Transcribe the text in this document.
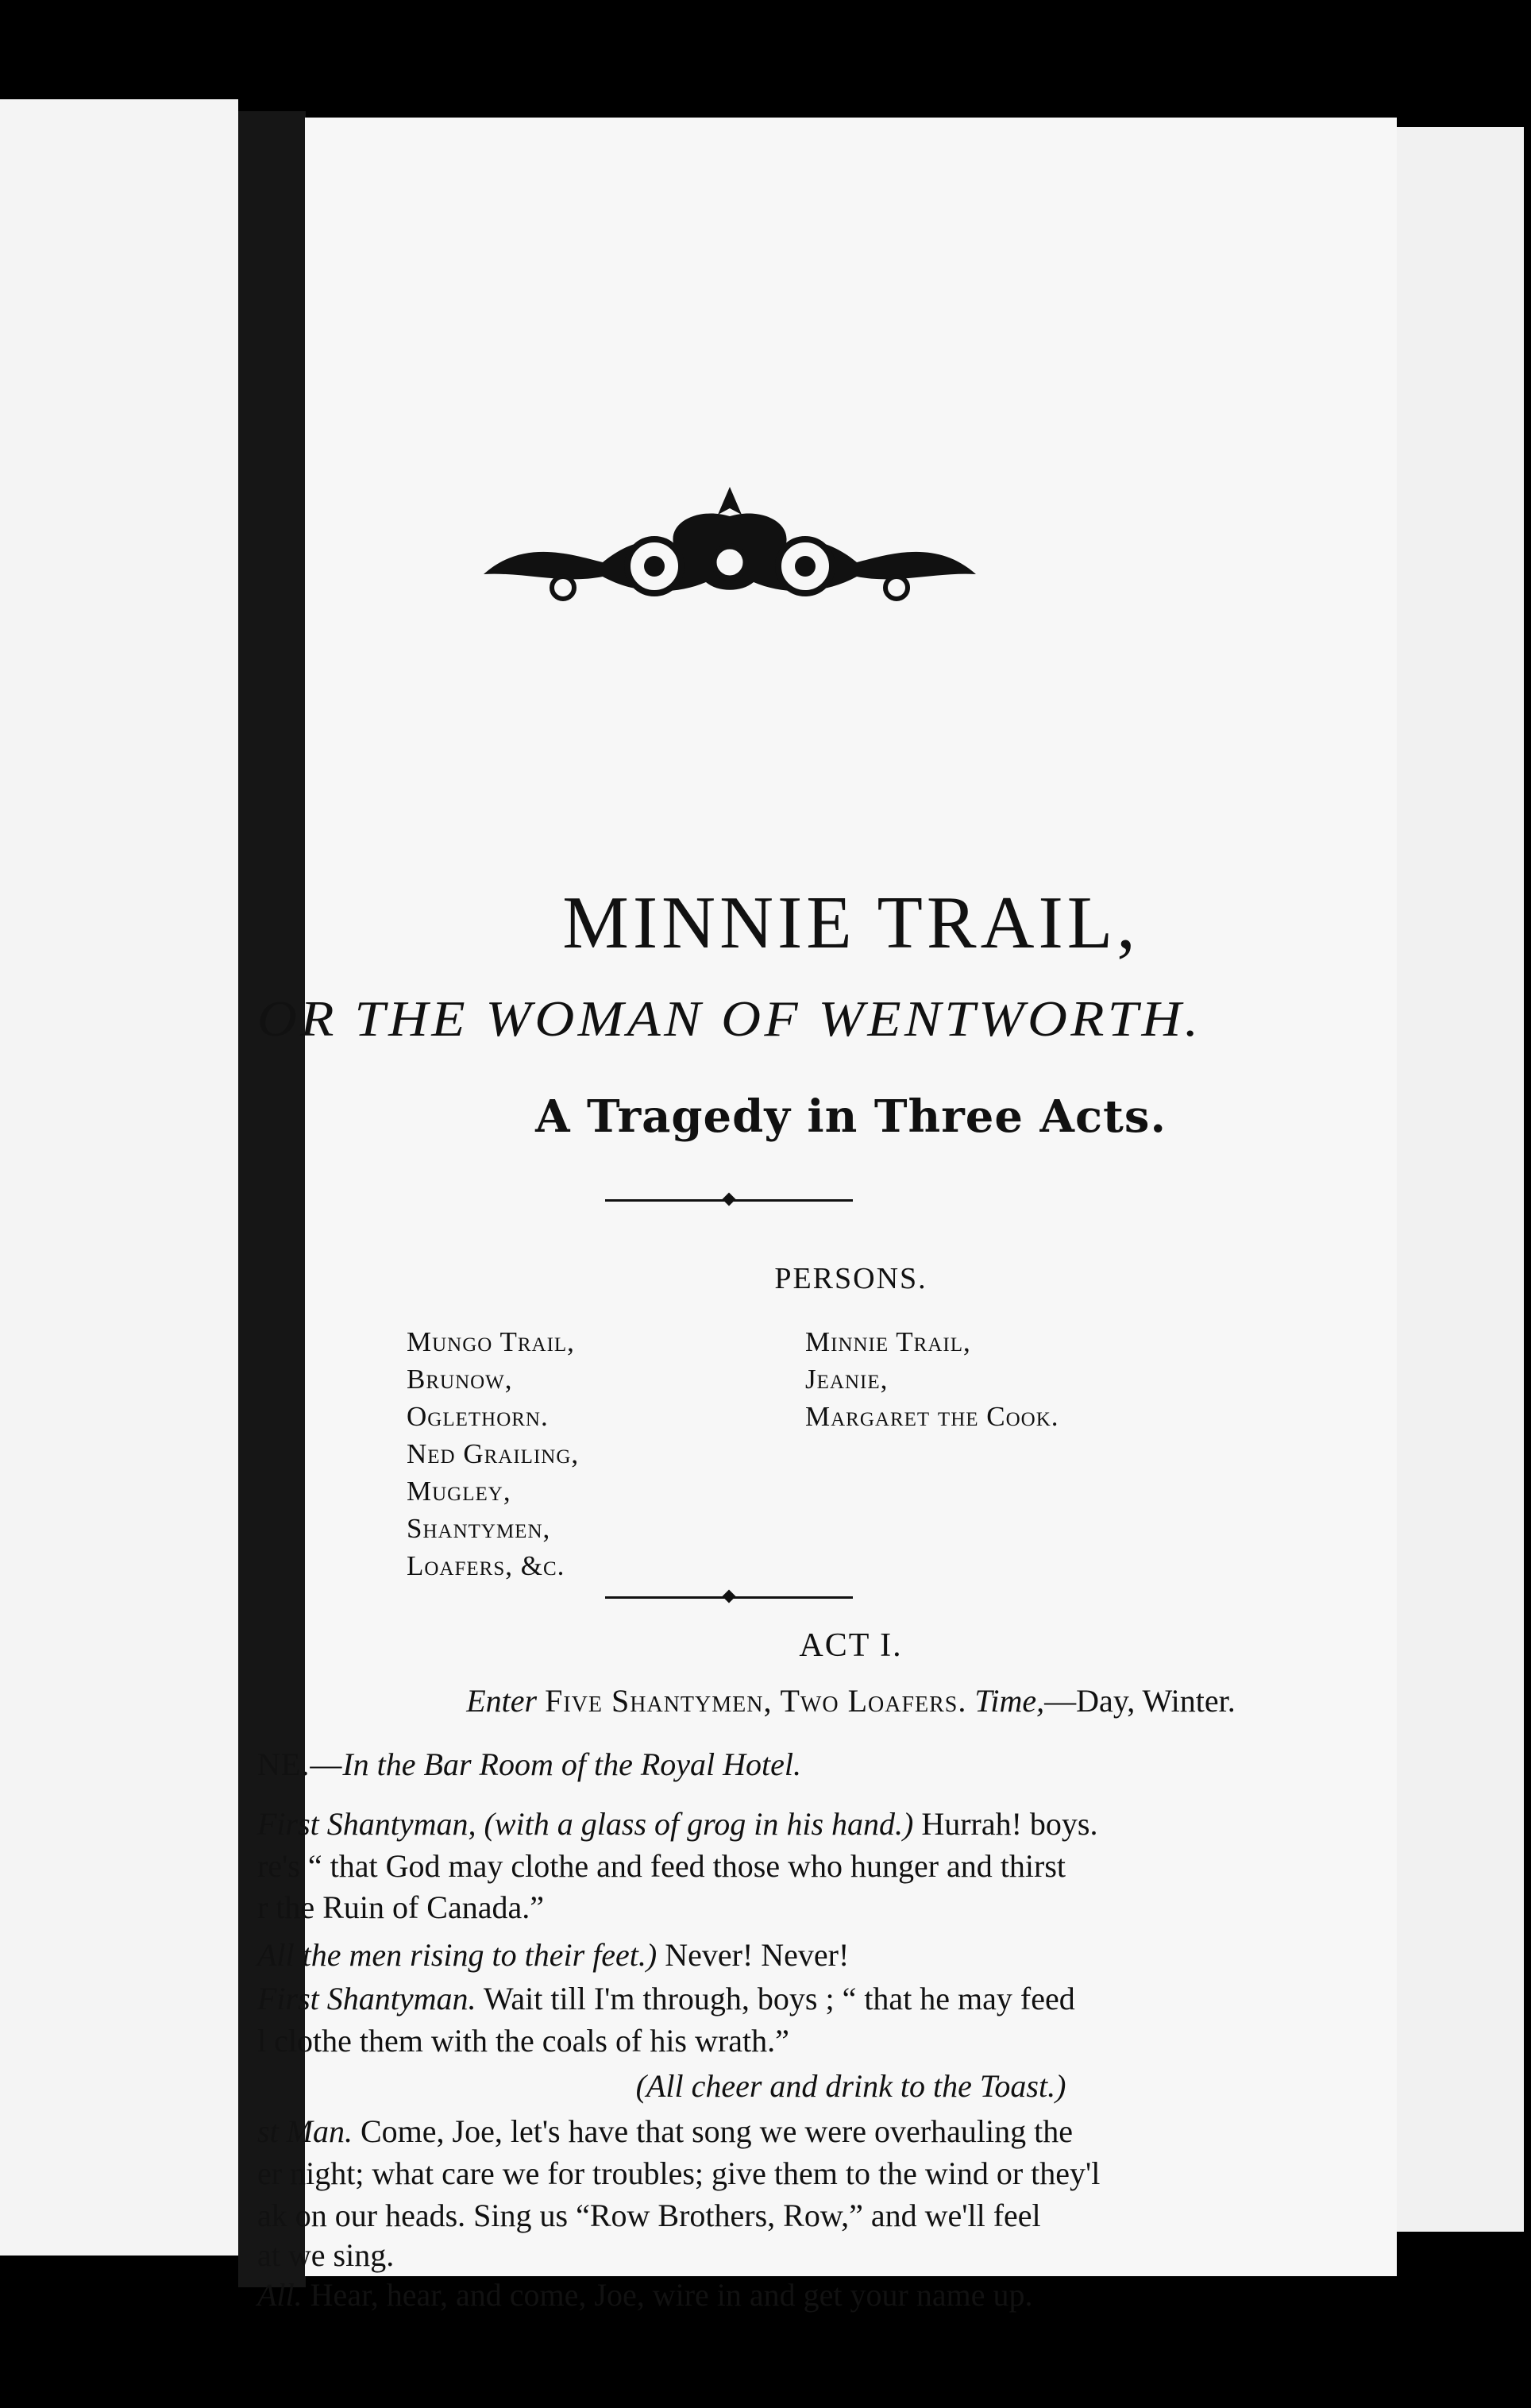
MINNIE TRAIL,
OR THE WOMAN OF WENTWORTH.
A Tragedy in Three Acts.
PERSONS.
Mungo Trail,
Brunow,
Oglethorn.
Ned Grailing,
Mugley,
Shantymen,
Loafers, &c.
Minnie Trail,
Jeanie,
Margaret the Cook.
ACT I.
Enter Five Shantymen, Two Loafers. Time,—Day, Winter.
NE.—In the Bar Room of the Royal Hotel.
First Shantyman, (with a glass of grog in his hand.) Hurrah! boys.
re's “ that God may clothe and feed those who hunger and thirst
r the Ruin of Canada.”
All the men rising to their feet.) Never! Never!
First Shantyman. Wait till I'm through, boys ; “ that he may feed
l clothe them with the coals of his wrath.”
(All cheer and drink to the Toast.)
st Man. Come, Joe, let's have that song we were overhauling the
er night; what care we for troubles; give them to the wind or they'l
ak on our heads. Sing us “Row Brothers, Row,” and we'll feel
at we sing.
All. Hear, hear, and come, Joe, wire in and get your name up.
